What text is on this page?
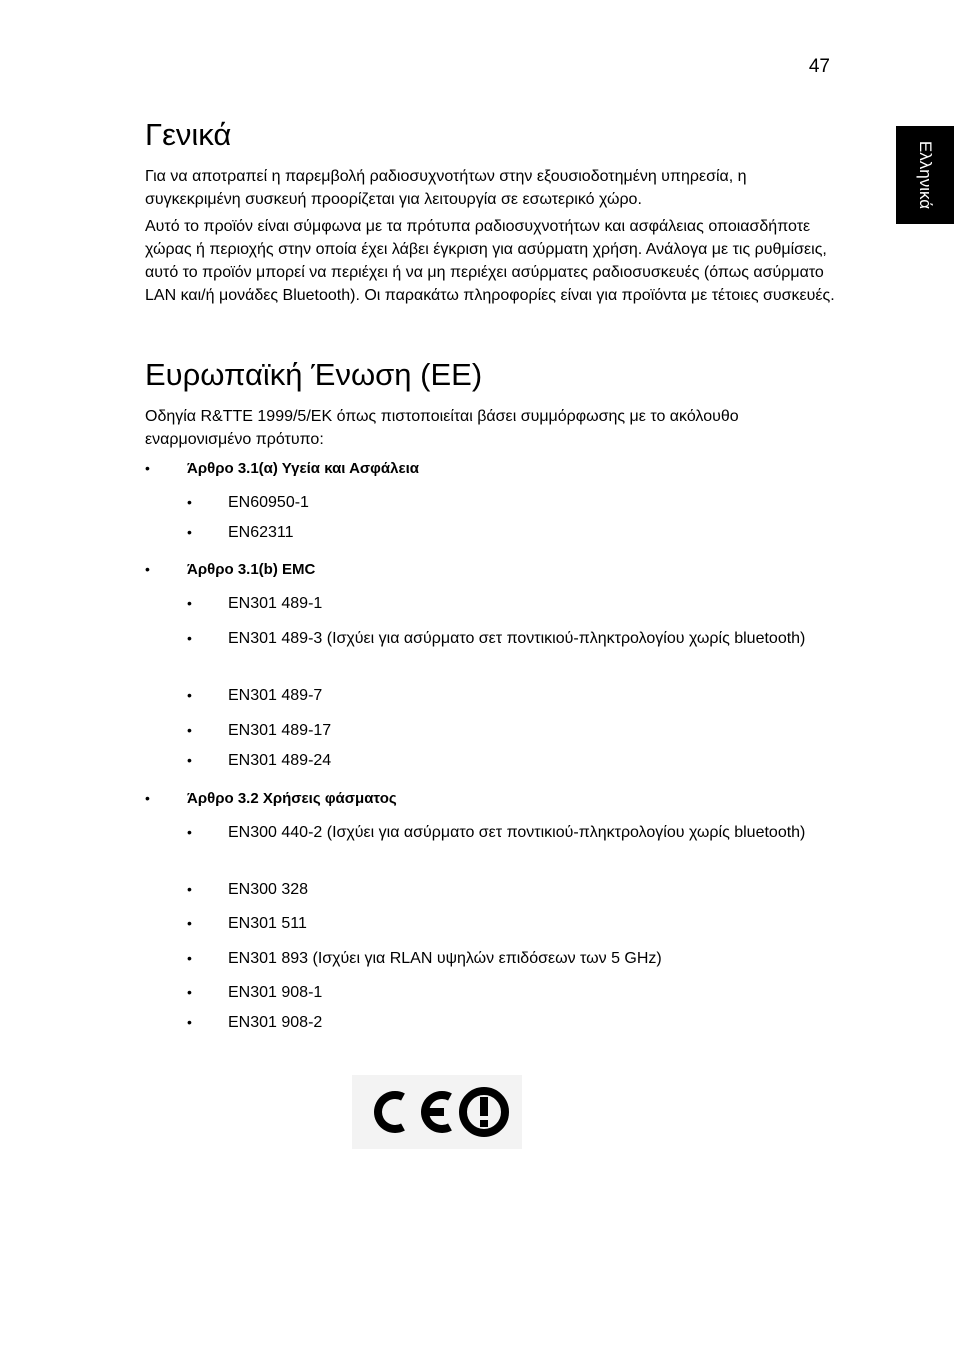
47
Ελληνικά
Γενικά

Για να αποτραπεί η παρεμβολή ραδιοσυχνοτήτων στην εξουσιοδοτημένη υπηρεσία, η συγκεκριμένη συσκευή προορίζεται για λειτουργία σε εσωτερικό χώρο.

Αυτό το προϊόν είναι σύμφωνα με τα πρότυπα ραδιοσυχνοτήτων και ασφάλειας οποιασδήποτε χώρας ή περιοχής στην οποία έχει λάβει έγκριση για ασύρματη χρήση. Ανάλογα με τις ρυθμίσεις, αυτό το προϊόν μπορεί να περιέχει ή να μη περιέχει ασύρματες ραδιοσυσκευές (όπως ασύρματο LAN και/ή μονάδες Bluetooth). Οι παρακάτω πληροφορίες είναι για προϊόντα με τέτοιες συσκευές.

Ευρωπαϊκή Ένωση (ΕΕ)

Οδηγία R&TTE 1999/5/ΕΚ όπως πιστοποιείται βάσει συμμόρφωσης με το ακόλουθο εναρμονισμένο πρότυπο:

• Άρθρο 3.1(α) Υγεία και Ασφάλεια
• EN60950-1
• EN62311
• Άρθρο 3.1(b) EMC
• EN301 489-1
• EN301 489-3 (Ισχύει για ασύρματο σετ ποντικιού-πληκτρολογίου χωρίς bluetooth)
• EN301 489-7
• EN301 489-17
• EN301 489-24
• Άρθρο 3.2 Χρήσεις φάσματος
• EN300 440-2 (Ισχύει για ασύρματο σετ ποντικιού-πληκτρολογίου χωρίς bluetooth)
• EN300 328
• EN301 511
• EN301 893 (Ισχύει για RLAN υψηλών επιδόσεων των 5 GHz)
• EN301 908-1
• EN301 908-2
